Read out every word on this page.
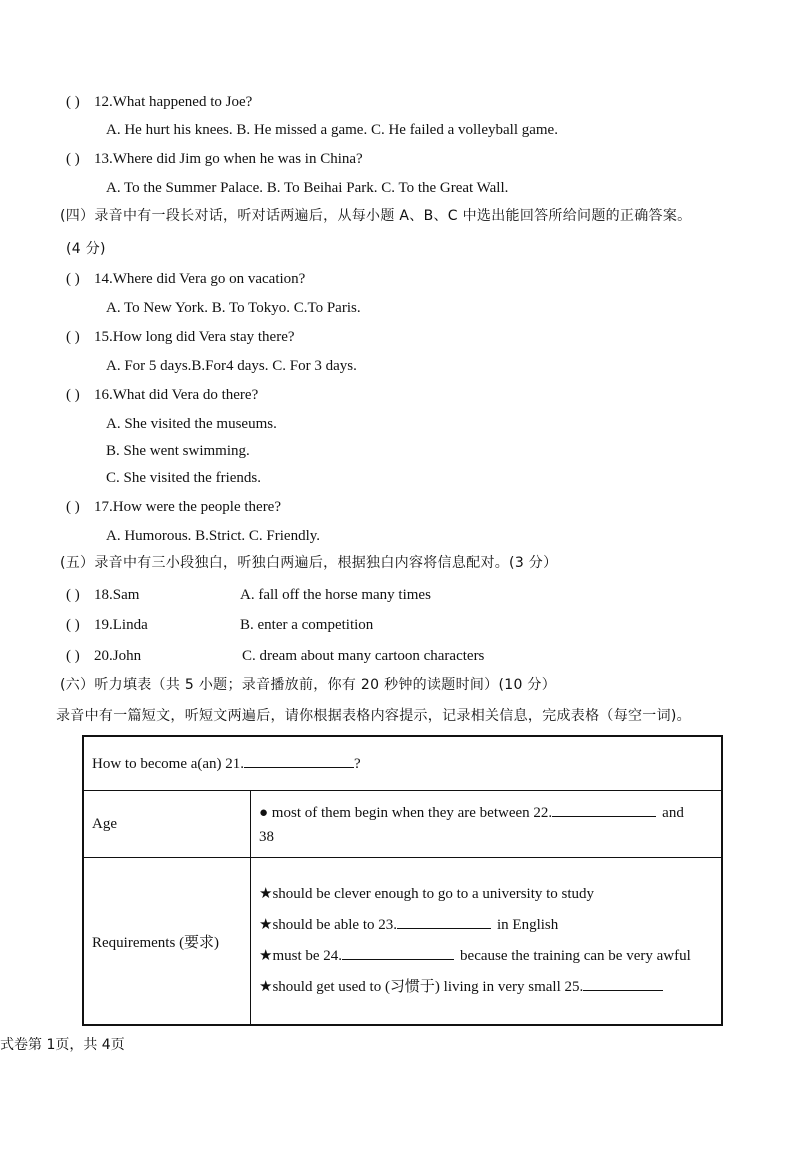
( ) 12.What happened to Joe?
A. He hurt his knees. B. He missed a game. C. He failed a volleyball game.
( ) 13.Where did Jim go when he was in China?
A. To the Summer Palace. B. To Beihai Park. C. To the Great Wall.
(四）录音中有一段长对话，听对话两遍后，从每小题 A、B、C 中选出能回答所给问题的正确答案。
(4 分)
( ) 14.Where did Vera go on vacation?
A. To New York. B. To Tokyo. C.To Paris.
( ) 15.How long did Vera stay there?
A. For 5 days.B.For4 days. C. For 3 days.
( ) 16.What did Vera do there?
A. She visited the museums.
B. She went swimming.
C. She visited the friends.
( ) 17.How were the people there?
A. Humorous. B.Strict. C. Friendly.
(五）录音中有三小段独白，听独白两遍后，根据独白内容将信息配对。(3 分）
( ) 18.Sam	A. fall off the horse many times
( ) 19.Linda	B. enter a competition
( ) 20.John	C. dream about many cartoon characters
(六）听力填表（共 5 小题；录音播放前，你有 20 秒钟的读题时间）(10 分）
录音中有一篇短文，听短文两遍后，请你根据表格内容提示，记录相关信息，完成表格（每空一词)。
How to become a(an) 21. ?	
Age	● most of them begin when they are between 22. and
38

Requirements (要求)	★should be clever enough to go to a university to study
★should be able to 23. in English
★must be 24. because the training can be very awful
★should get used to (习惯于) living in very small 25.
式卷第 1页，共 4页
